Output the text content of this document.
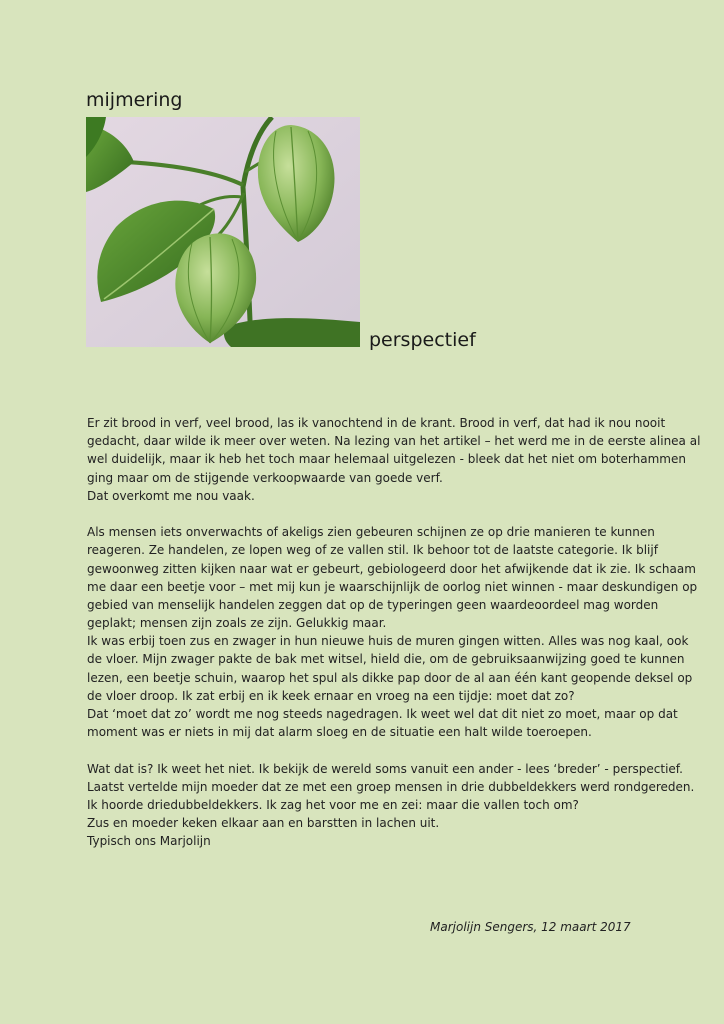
mijmering
perspectief
Er zit brood in verf, veel brood, las ik vanochtend in de krant. Brood in verf, dat had ik nou nooit
gedacht, daar wilde ik meer over weten. Na lezing van het artikel – het werd me in de eerste alinea al
wel duidelijk, maar ik heb het toch maar helemaal uitgelezen - bleek dat het niet om boterhammen
ging maar om de stijgende verkoopwaarde van goede verf.
Dat overkomt me nou vaak.
Als mensen iets onverwachts of akeligs zien gebeuren schijnen ze op drie manieren te kunnen
reageren. Ze handelen, ze lopen weg of ze vallen stil. Ik behoor tot de laatste categorie. Ik blijf
gewoonweg zitten kijken naar wat er gebeurt, gebiologeerd door het afwijkende dat ik zie. Ik schaam
me daar een beetje voor – met mij kun je waarschijnlijk de oorlog niet winnen - maar deskundigen op
gebied van menselijk handelen zeggen dat op de typeringen geen waardeoordeel mag worden
geplakt; mensen zijn zoals ze zijn. Gelukkig maar.
Ik was erbij toen zus en zwager in hun nieuwe huis de muren gingen witten. Alles was nog kaal, ook
de vloer. Mijn zwager pakte de bak met witsel, hield die, om de gebruiksaanwijzing goed te kunnen
lezen, een beetje schuin, waarop het spul als dikke pap door de al aan één kant geopende deksel op
de vloer droop. Ik zat erbij en ik keek ernaar en vroeg na een tijdje: moet dat zo?
Dat ‘moet dat zo’ wordt me nog steeds nagedragen. Ik weet wel dat dit niet zo moet, maar op dat
moment was er niets in mij dat alarm sloeg en de situatie een halt wilde toeroepen.
Wat dat is? Ik weet het niet. Ik bekijk de wereld soms vanuit een ander - lees ‘breder’ - perspectief.
Laatst vertelde mijn moeder dat ze met een groep mensen in drie dubbeldekkers werd rondgereden.
Ik hoorde driedubbeldekkers. Ik zag het voor me en zei: maar die vallen toch om?
Zus en moeder keken elkaar aan en barstten in lachen uit.
Typisch ons Marjolijn
Marjolijn Sengers, 12 maart 2017
